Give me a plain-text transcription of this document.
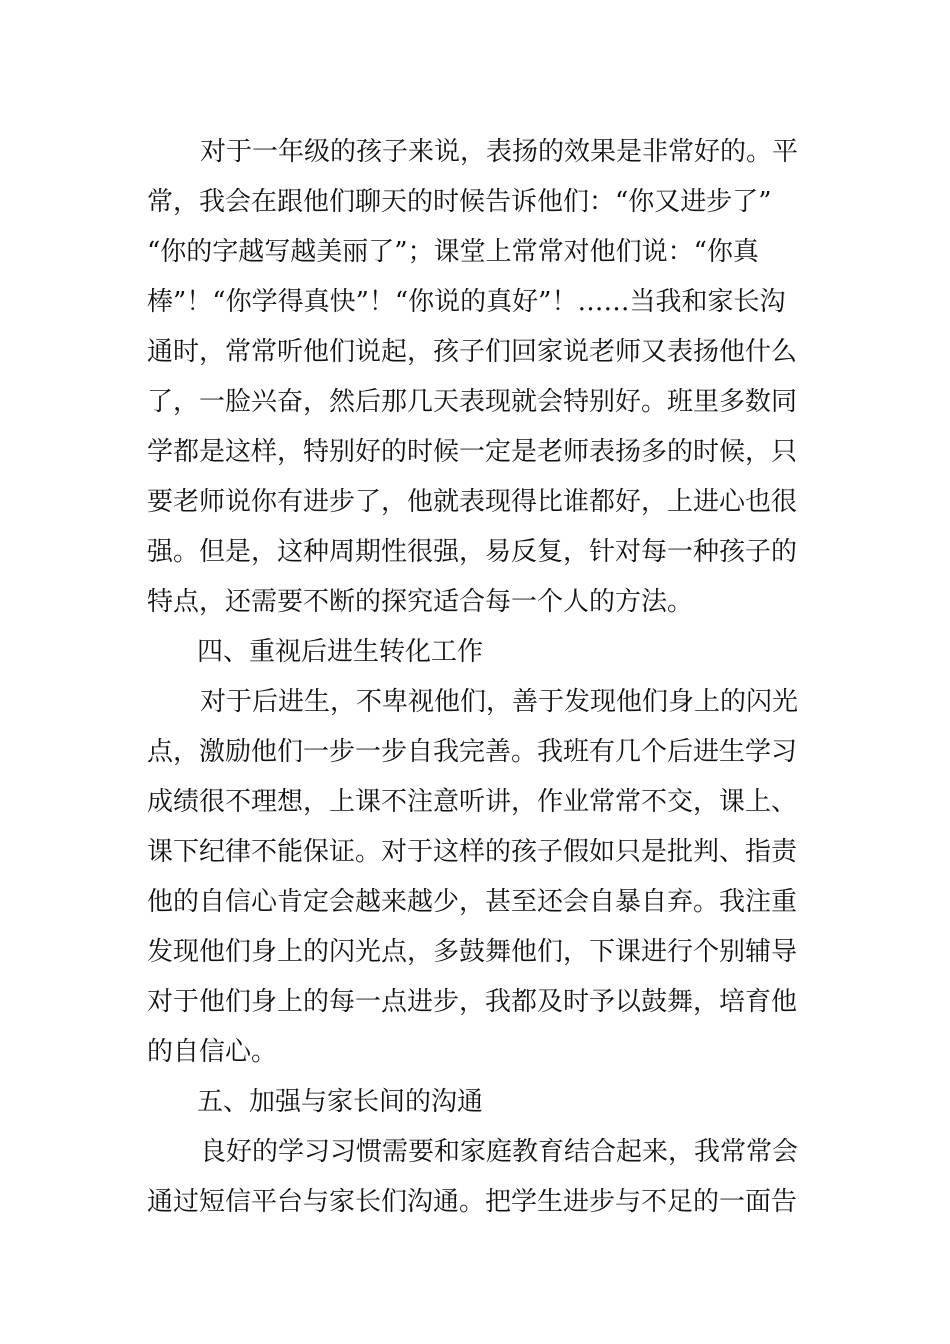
对于一年级的孩子来说，表扬的效果是非常好的。平
常，我会在跟他们聊天的时候告诉他们：“你又进步了”
“你的字越写越美丽了”；课堂上常常对他们说：“你真
棒”！“你学得真快”！“你说的真好”！……当我和家长沟
通时，常常听他们说起，孩子们回家说老师又表扬他什么
了，一脸兴奋，然后那几天表现就会特别好。班里多数同
学都是这样，特别好的时候一定是老师表扬多的时候，只
要老师说你有进步了，他就表现得比谁都好，上进心也很
强。但是，这种周期性很强，易反复，针对每一种孩子的
特点，还需要不断的探究适合每一个人的方法。
四、重视后进生转化工作
对于后进生，不卑视他们，善于发现他们身上的闪光
点，激励他们一步一步自我完善。我班有几个后进生学习
成绩很不理想，上课不注意听讲，作业常常不交，课上、
课下纪律不能保证。对于这样的孩子假如只是批判、指责
他的自信心肯定会越来越少，甚至还会自暴自弃。我注重
发现他们身上的闪光点，多鼓舞他们，下课进行个别辅导
对于他们身上的每一点进步，我都及时予以鼓舞，培育他
的自信心。
五、加强与家长间的沟通
良好的学习习惯需要和家庭教育结合起来，我常常会
通过短信平台与家长们沟通。把学生进步与不足的一面告
